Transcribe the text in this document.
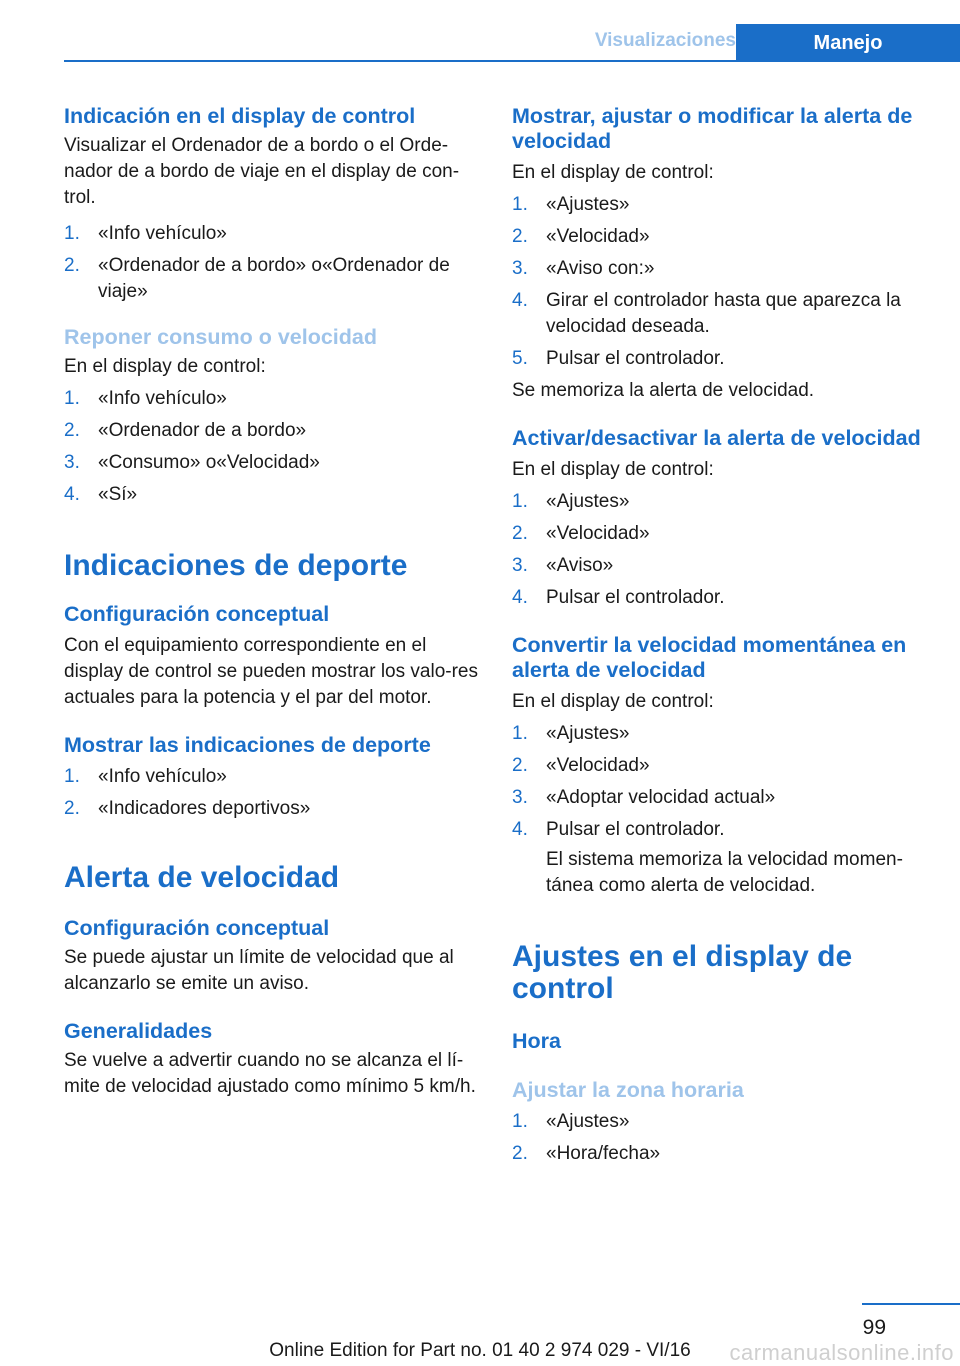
Visualizaciones	Manejo
Indicación en el display de control

Visualizar el Ordenador de a bordo o el Orde‐nador de a bordo de viaje en el display de con‐trol.

1. «Info vehículo»
2. «Ordenador de a bordo» o«Ordenador de viaje»
Reponer consumo o velocidad

En el display de control:

1. «Info vehículo»
2. «Ordenador de a bordo»
3. «Consumo» o«Velocidad»
4. «Sí»
Indicaciones de deporte
Configuración conceptual

Con el equipamiento correspondiente en el display de control se pueden mostrar los valo‐res actuales para la potencia y el par del motor.

Mostrar las indicaciones de deporte
1. «Info vehículo»
2. «Indicadores deportivos»
Alerta de velocidad
Configuración conceptual

Se puede ajustar un límite de velocidad que al alcanzarlo se emite un aviso.

Generalidades

Se vuelve a advertir cuando no se alcanza el lí‐mite de velocidad ajustado como mínimo 5 km/h.

Mostrar, ajustar o modificar la alerta de velocidad

En el display de control:

1. «Ajustes»
2. «Velocidad»
3. «Aviso con:»
4. Girar el controlador hasta que aparezca la velocidad deseada.
5. Pulsar el controlador.

Se memoriza la alerta de velocidad.

Activar/desactivar la alerta de velocidad

En el display de control:

1. «Ajustes»
2. «Velocidad»
3. «Aviso»
4. Pulsar el controlador.
Convertir la velocidad momentánea en alerta de velocidad

En el display de control:

1. «Ajustes»
2. «Velocidad»
3. «Adoptar velocidad actual»
4. Pulsar el controlador.
El sistema memoriza la velocidad momen‐tánea como alerta de velocidad.
Ajustes en el display de control
Hora
Ajustar la zona horaria
1. «Ajustes»
2. «Hora/fecha»
99
Online Edition for Part no. 01 40 2 974 029 - VI/16	carmanualsonline.info
